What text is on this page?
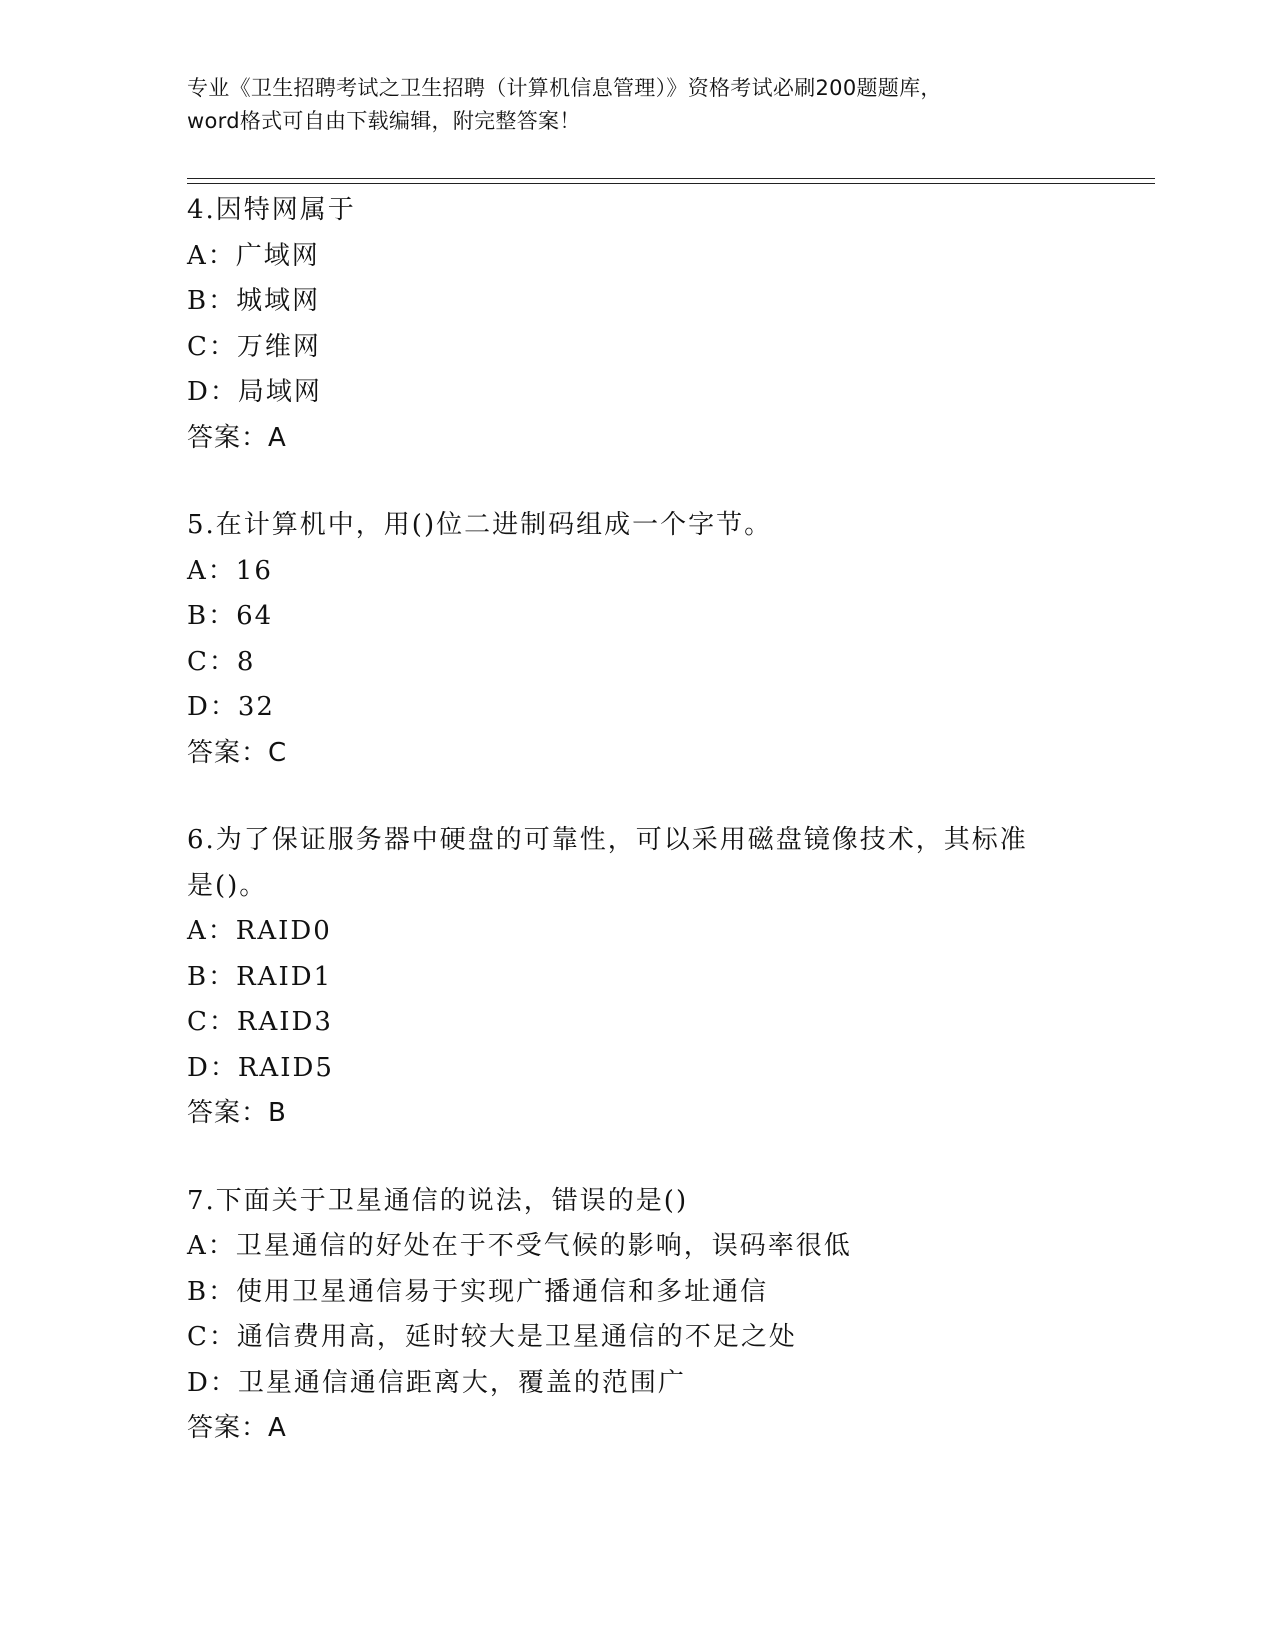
专业《卫生招聘考试之卫生招聘（计算机信息管理）》资格考试必刷200题题库，
word格式可自由下载编辑，附完整答案！
4.因特网属于
A：广域网
B：城域网
C：万维网
D：局域网
答案：A
5.在计算机中，用()位二进制码组成一个字节。
A：16
B：64
C：8
D：32
答案：C
6.为了保证服务器中硬盘的可靠性，可以采用磁盘镜像技术，其标准
是()。
A：RAID0
B：RAID1
C：RAID3
D：RAID5
答案：B
7.下面关于卫星通信的说法，错误的是()
A：卫星通信的好处在于不受气候的影响，误码率很低
B：使用卫星通信易于实现广播通信和多址通信
C：通信费用高，延时较大是卫星通信的不足之处
D：卫星通信通信距离大，覆盖的范围广
答案：A
